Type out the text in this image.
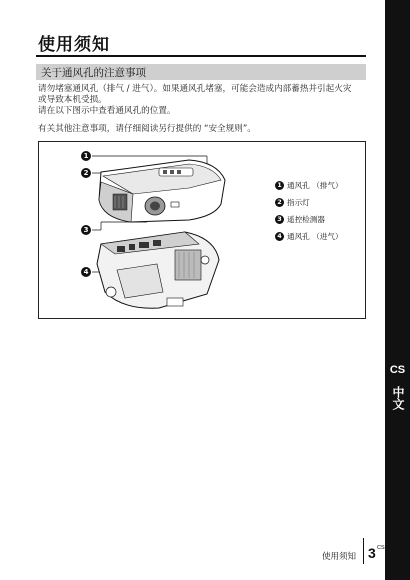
使用须知
关于通风孔的注意事项
请勿堵塞通风孔（排气 / 进气）。如果通风孔堵塞，可能会造成内部蓄热并引起火灾
或导致本机受损。
请在以下图示中查看通风孔的位置。
有关其他注意事项，请仔细阅读另行提供的 “安全规则”。
1
2
3
4
1 通风孔 （排气）
2 指示灯
3 遥控检测器
4 通风孔 （进气）
CS
中文
使用须知 3 CS
